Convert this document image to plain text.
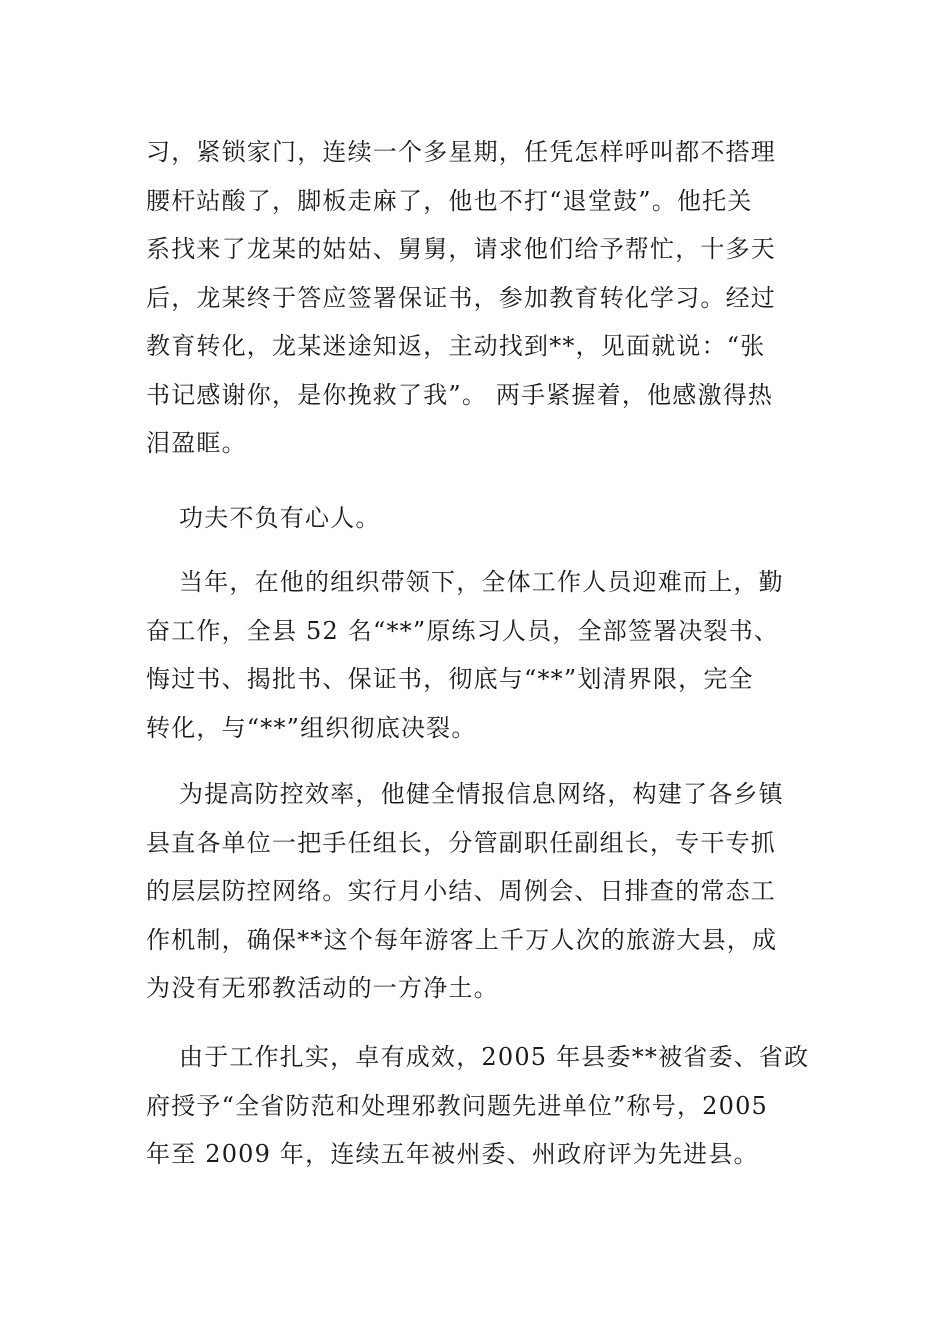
习，紧锁家门，连续一个多星期，任凭怎样呼叫都不搭理
腰杆站酸了，脚板走麻了，他也不打“退堂鼓”。他托关
系找来了龙某的姑姑、舅舅，请求他们给予帮忙，十多天
后，龙某终于答应签署保证书，参加教育转化学习。经过
教育转化，龙某迷途知返，主动找到**，见面就说：“张
书记感谢你，是你挽救了我”。 两手紧握着，他感激得热
泪盈眶。

功夫不负有心人。

当年，在他的组织带领下，全体工作人员迎难而上，勤
奋工作，全县 52 名“**”原练习人员，全部签署决裂书、
悔过书、揭批书、保证书，彻底与“**”划清界限，完全
转化，与“**”组织彻底决裂。

为提高防控效率，他健全情报信息网络，构建了各乡镇
县直各单位一把手任组长，分管副职任副组长，专干专抓
的层层防控网络。实行月小结、周例会、日排查的常态工
作机制，确保**这个每年游客上千万人次的旅游大县，成
为没有无邪教活动的一方净土。

由于工作扎实，卓有成效，2005 年县委**被省委、省政
府授予“全省防范和处理邪教问题先进单位”称号，2005
年至 2009 年，连续五年被州委、州政府评为先进县。
